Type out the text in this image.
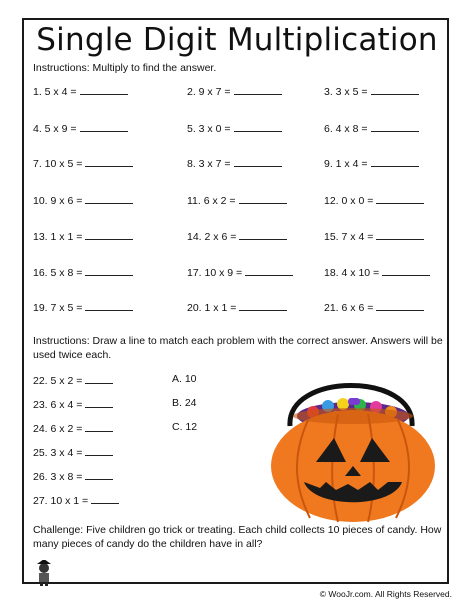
Single Digit Multiplication
Instructions: Multiply to find the answer.
1. 5 x 4 =	2. 9 x 7 =	3. 3 x 5 =
4. 5 x 9 =	5. 3 x 0 =	6. 4 x 8 =
7. 10 x 5 =	8. 3 x 7 =	9. 1 x 4 =
10. 9 x 6 =	11. 6 x 2 =	12. 0 x 0 =
13. 1 x 1 =	14. 2 x 6 =	15. 7 x 4 =
16. 5 x 8 =	17. 10 x 9 =	18. 4 x 10 =
19. 7 x 5 =	20. 1 x 1 =	21. 6 x 6 =
Instructions: Draw a line to match each problem with the correct answer. Answers will be used twice each.
22. 5 x 2 =
23. 6 x 4 =
24. 6 x 2 =
25. 3 x 4 =
26. 3 x 8 =
27. 10 x 1 =
A. 10
B. 24
C. 12
Challenge: Five children go trick or treating. Each child collects 10 pieces of candy. How many pieces of candy do the children have in all?
© WooJr.com. All Rights Reserved.
